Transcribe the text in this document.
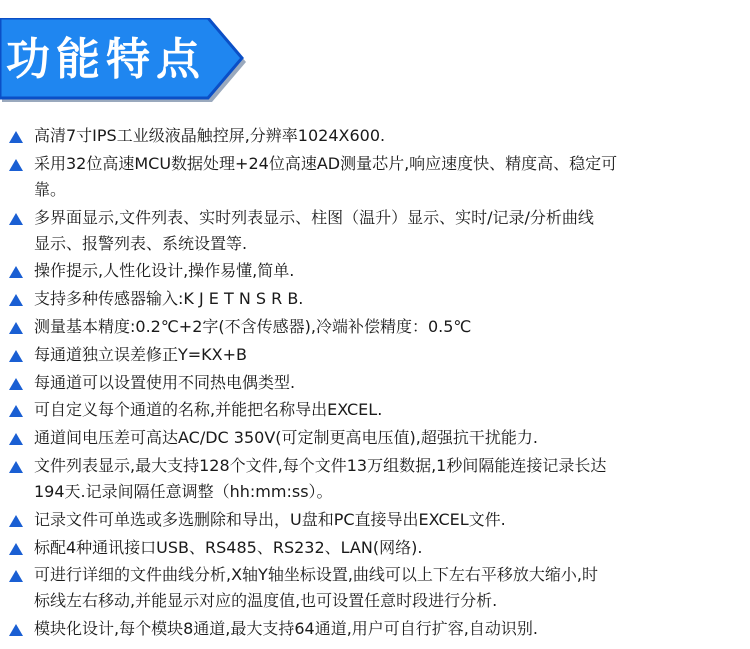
功能特点
高清7寸IPS工业级液晶触控屏,分辨率1024X600.
采用32位高速MCU数据处理+24位高速AD测量芯片,响应速度快、精度高、稳定可
靠。
多界面显示,文件列表、实时列表显示、柱图（温升）显示、实时/记录/分析曲线
显示、报警列表、系统设置等.
操作提示,人性化设计,操作易懂,简单.
支持多种传感器输入:K J E T N S R B.
测量基本精度:0.2℃+2字(不含传感器),冷端补偿精度：0.5℃
每通道独立误差修正Y=KX+B
每通道可以设置使用不同热电偶类型.
可自定义每个通道的名称,并能把名称导出EXCEL.
通道间电压差可高达AC/DC 350V(可定制更高电压值),超强抗干扰能力.
文件列表显示,最大支持128个文件,每个文件13万组数据,1秒间隔能连接记录长达
194天.记录间隔任意调整（hh:mm:ss）。
记录文件可单选或多选删除和导出，U盘和PC直接导出EXCEL文件.
标配4种通讯接口USB、RS485、RS232、LAN(网络).
可进行详细的文件曲线分析,X轴Y轴坐标设置,曲线可以上下左右平移放大缩小,时
标线左右移动,并能显示对应的温度值,也可设置任意时段进行分析.
模块化设计,每个模块8通道,最大支持64通道,用户可自行扩容,自动识别.
